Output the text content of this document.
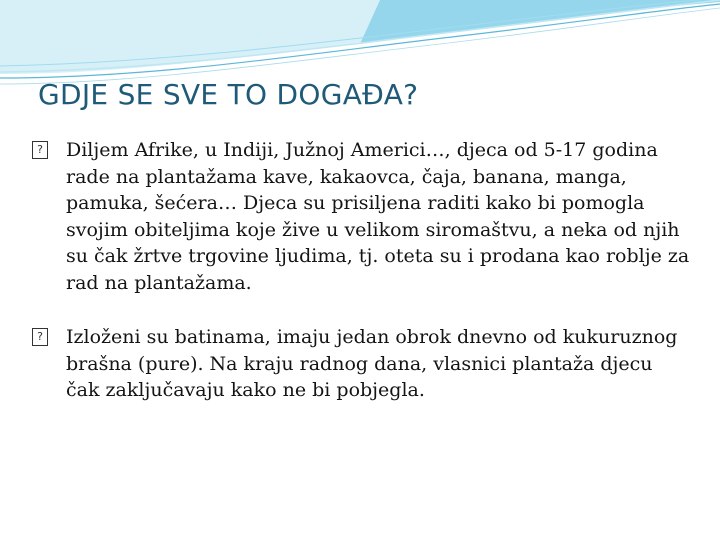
GDJE SE SVE TO DOGAĐA?
? Diljem Afrike, u Indiji, Južnoj Americi…, djeca od 5-17 godina rade na plantažama kave, kakaovca, čaja, banana, manga, pamuka, šećera… Djeca su prisiljena raditi kako bi pomogla svojim obiteljima koje žive u velikom siromaštvu, a neka od njih su čak žrtve trgovine ljudima, tj. oteta su i prodana kao roblje za rad na plantažama.
? Izloženi su batinama, imaju jedan obrok dnevno od kukuruznog brašna (pure). Na kraju radnog dana, vlasnici plantaža djecu čak zaključavaju kako ne bi pobjegla.
